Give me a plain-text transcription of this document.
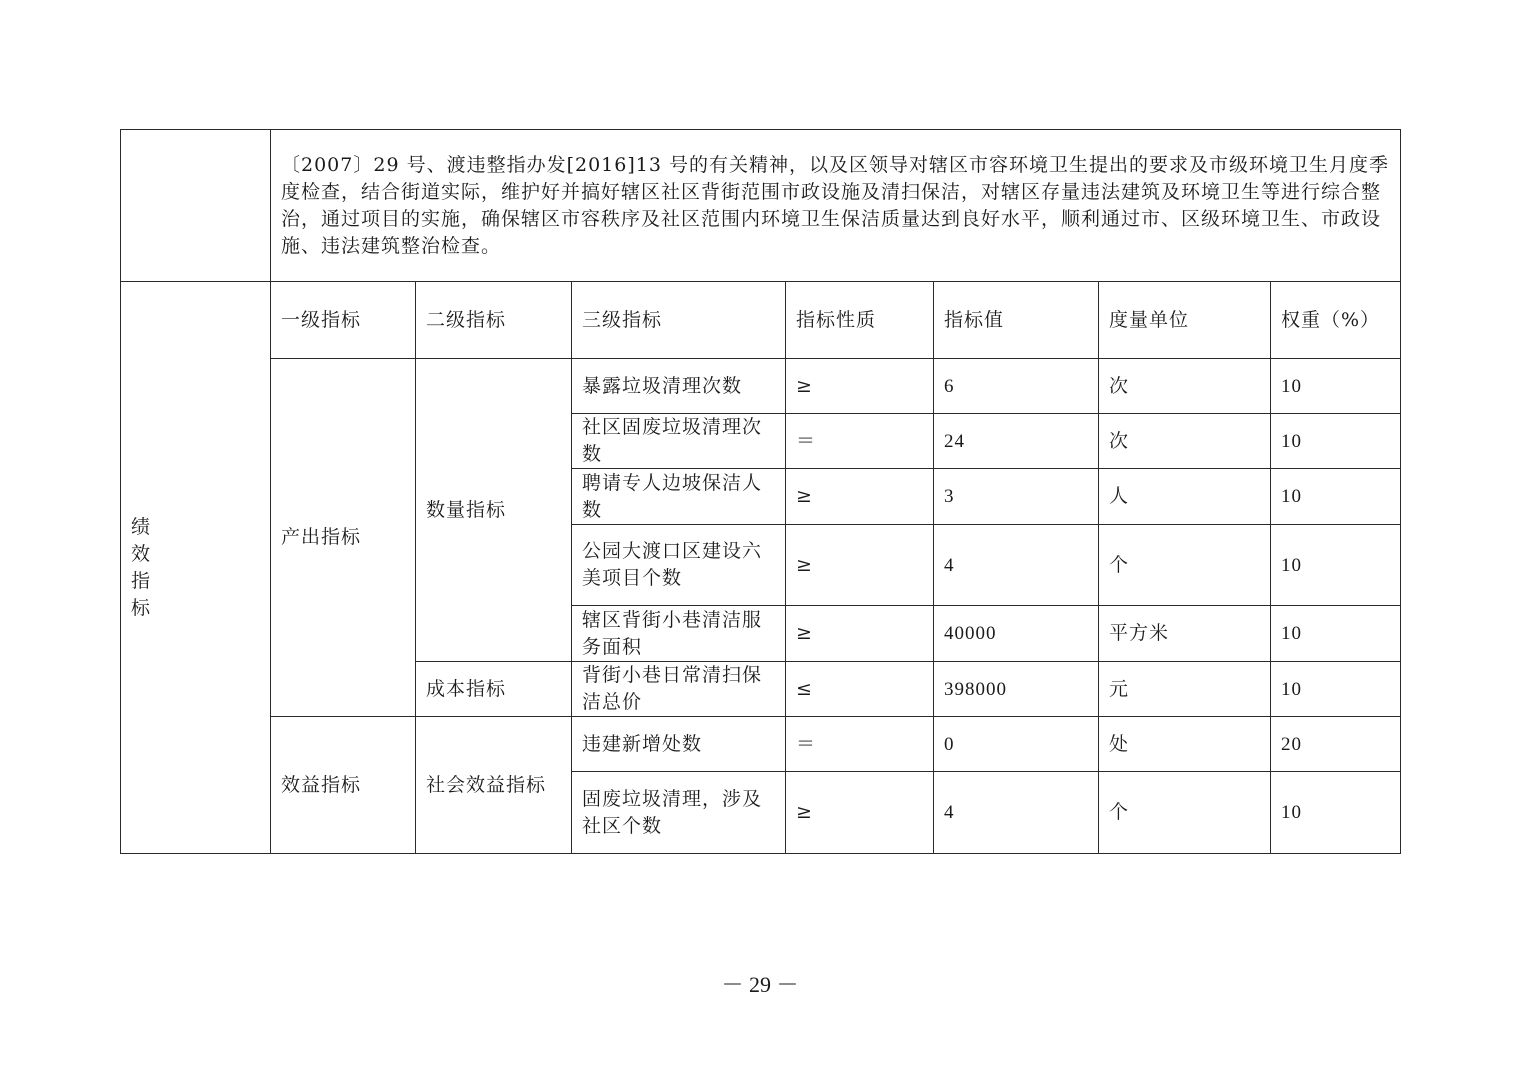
	〔2007〕29 号、渡违整指办发[2016]13 号的有关精神，以及区领导对辖区市容环境卫生提出的要求及市级环境卫生月度季度检查，结合街道实际，维护好并搞好辖区社区背街范围市政设施及清扫保洁，对辖区存量违法建筑及环境卫生等进行综合整治，通过项目的实施，确保辖区市容秩序及社区范围内环境卫生保洁质量达到良好水平，顺利通过市、区级环境卫生、市政设施、违法建筑整治检查。						

绩
效
指
标	一级指标	二级指标	三级指标	指标性质	指标值	度量单位	权重（%）
	产出指标	数量指标	暴露垃圾清理次数	≥	6	次	10
			社区固废垃圾清理次数	＝	24	次	10
			聘请专人边坡保洁人数	≥	3	人	10
			公园大渡口区建设六美项目个数	≥	4	个	10
			辖区背街小巷清洁服务面积	≥	40000	平方米	10
		成本指标	背街小巷日常清扫保洁总价	≤	398000	元	10
	效益指标	社会效益指标	违建新增处数	＝	0	处	20
			固废垃圾清理，涉及社区个数	≥	4	个	10
－ 29 －
